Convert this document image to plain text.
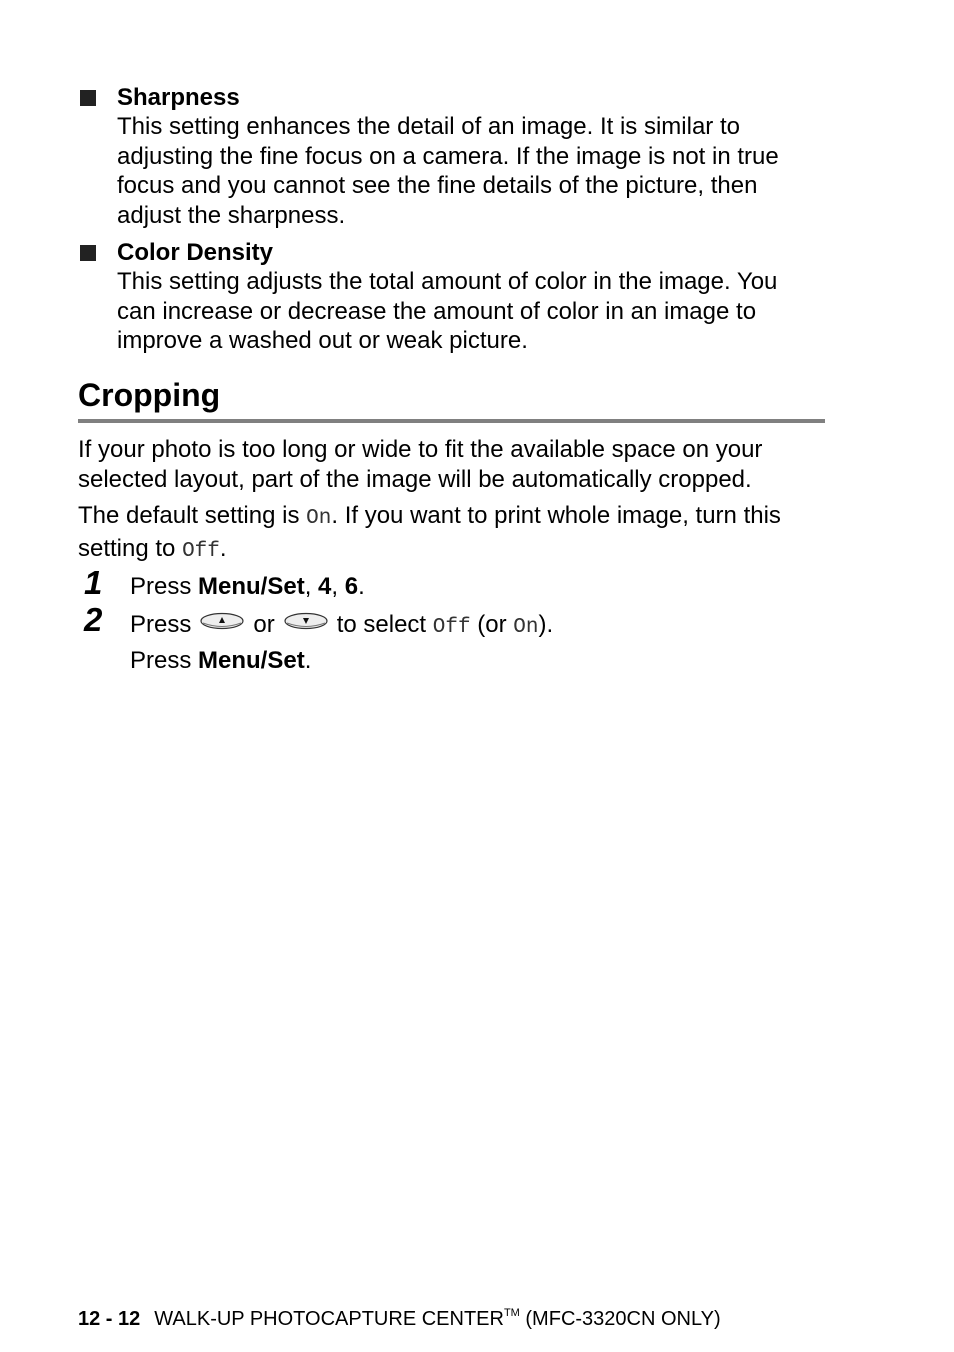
Sharpness
This setting enhances the detail of an image. It is similar to
adjusting the fine focus on a camera. If the image is not in true
focus and you cannot see the fine details of the picture, then
adjust the sharpness.
Color Density
This setting adjusts the total amount of color in the image. You
can increase or decrease the amount of color in an image to
improve a washed out or weak picture.
Cropping
If your photo is too long or wide to fit the available space on your
selected layout, part of the image will be automatically cropped.
The default setting is On. If you want to print whole image, turn this
setting to Off.
1 Press Menu/Set, 4, 6.
2 Press	or	to select Off (or On).
Press Menu/Set.
12 - 12 WALK-UP PHOTOCAPTURE CENTER™ (MFC-3320CN ONLY)
